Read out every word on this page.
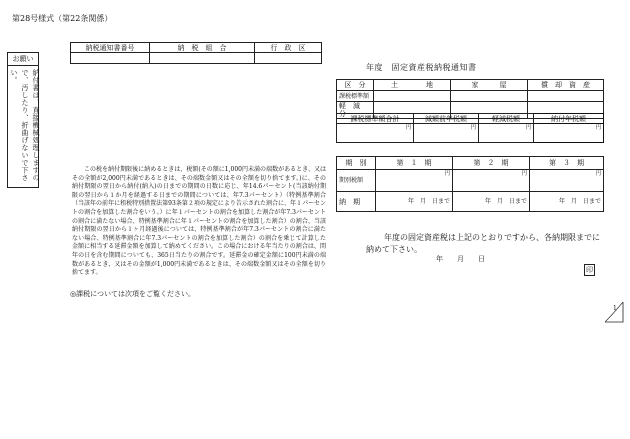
第28号様式（第22条関係）
お願い
納付書は、直接機械処理しますので、汚したり、折曲げないで下さい。
納税通知書番号	納　税　組　合	行　政　区

年度　固定資産税納税通知書
区　分	土　　　　地	家　　　屋	償　却　資　産
課税標準額			
軽　減　分			
課税標準額合計	減額前年税額	軽減税額	納付年税額
円	円	円	円
期　別	第　１　期	第　２　期	第　３　期
期別税額	円	円	円
納　期	年　月　日まで	年　月　日まで	年　月　日まで
この税を納付期限後に納めるときは、税額(その額に1,000円未満の端数があるとき、又はその全額が2,000円未満であるときは、その端数金額又はその全額を切り捨てます。)に、その納付期限の翌日から納付(納入)の日までの期間の日数に応じ、年14.6パーセント(当該納付期限の翌日から１か月を経過する日までの期間については、年7.3パーセント）（特例基準割合（当該年の前年に租税特別措置法第93条第２項の規定により告示された割合に、年１パーセントの割合を加算した割合をいう。）に年１パーセントの割合を加算した割合が年7.3パーセントの割合に満たない場合、特例基準割合に年１パーセントの割合を加算した割合）の割合、当該納付期限の翌日から１ヶ月経過後については、特例基準割合が年7.3パーセントの割合に満たない場合、特例基準割合に年7.3パーセントの割合を加算した割合）の割合を乗じて計算した金額に相当する延滞金額を加算して納めてください。この場合における年当たりの割合は、閏年の日を含む期間についても、365日当たりの割合です。延滞金の確定金額に100円未満の端数があるとき、又はその金額が1,000円未満であるときは、その端数金額又はその全額を切り捨てます。
◎課税については次項をご覧ください。
年度の固定資産税は上記のとおりですから、各納期限までに納めて下さい。
年　　月　　日
印
1
